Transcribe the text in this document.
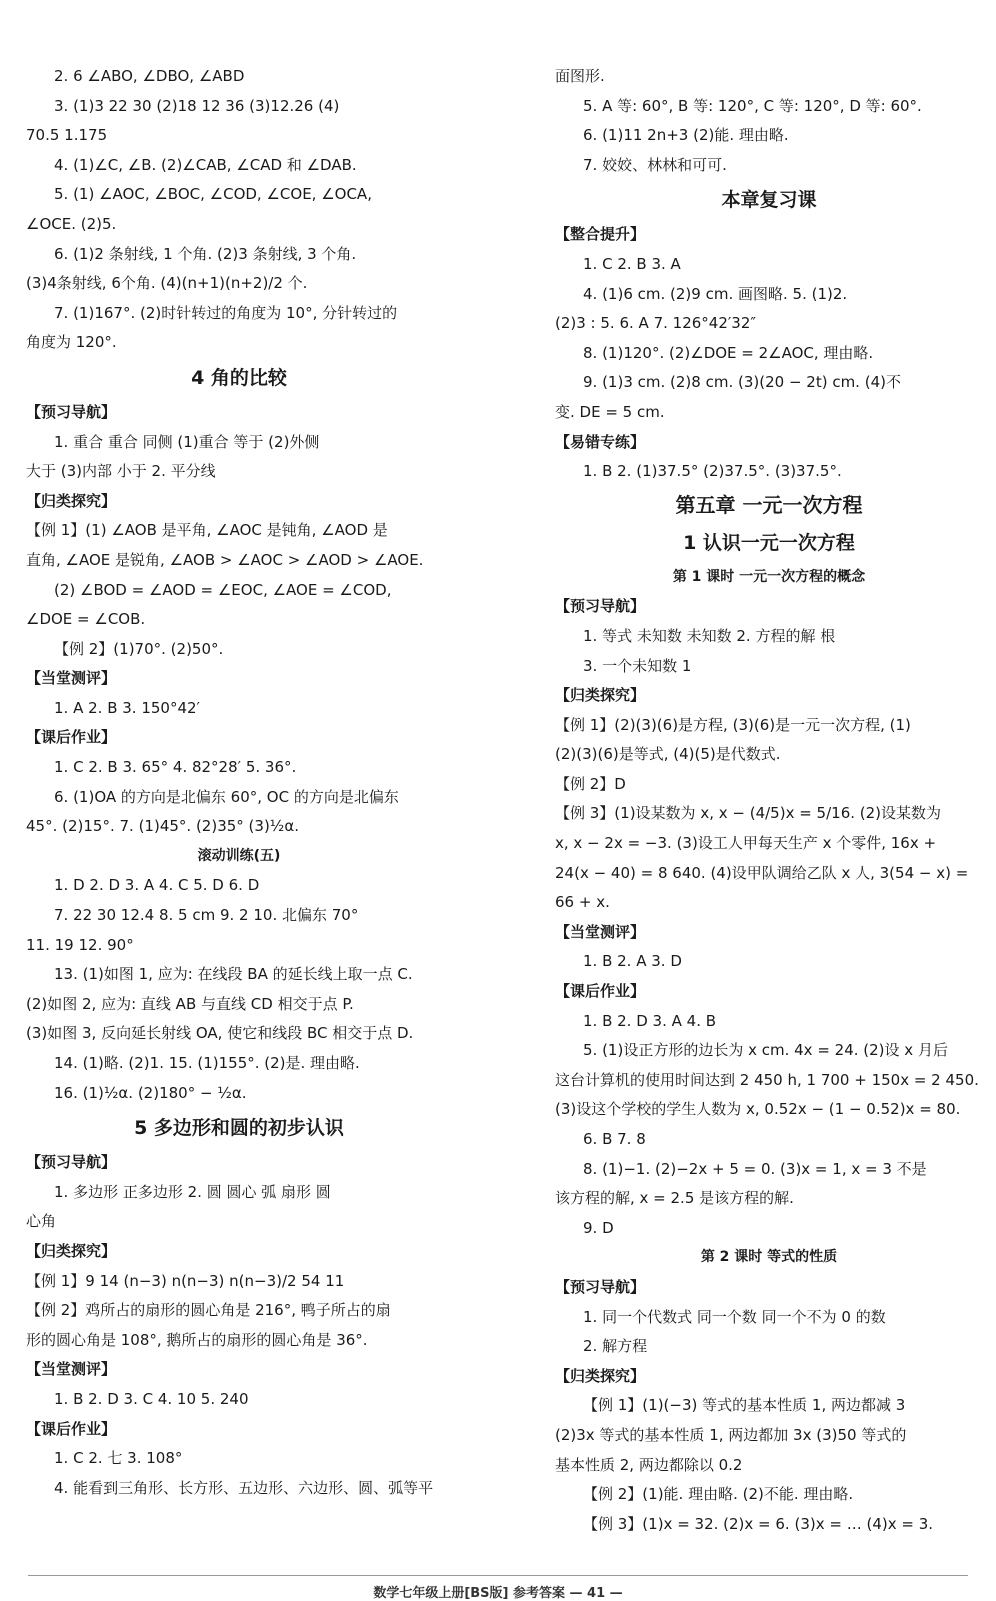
2. 6 ∠ABO, ∠DBO, ∠ABD
3. (1)3 22 30 (2)18 12 36 (3)12.26 (4)
70.5 1.175
4. (1)∠C, ∠B. (2)∠CAB, ∠CAD 和 ∠DAB.
5. (1) ∠AOC, ∠BOC, ∠COD, ∠COE, ∠OCA,
∠OCE. (2)5.
6. (1)2 条射线, 1 个角. (2)3 条射线, 3 个角.
(3)4条射线, 6个角. (4)(n+1)(n+2)/2 个.
7. (1)167°. (2)时针转过的角度为 10°, 分针转过的
角度为 120°.
4 角的比较
【预习导航】
1. 重合 重合 同侧 (1)重合 等于 (2)外侧
大于 (3)内部 小于 2. 平分线
【归类探究】
【例 1】(1) ∠AOB 是平角, ∠AOC 是钝角, ∠AOD 是
直角, ∠AOE 是锐角, ∠AOB > ∠AOC > ∠AOD > ∠AOE.
(2) ∠BOD = ∠AOD = ∠EOC, ∠AOE = ∠COD,
∠DOE = ∠COB.
【例 2】(1)70°. (2)50°.
【当堂测评】
1. A 2. B 3. 150°42′
【课后作业】
1. C 2. B 3. 65° 4. 82°28′ 5. 36°.
6. (1)OA 的方向是北偏东 60°, OC 的方向是北偏东
45°. (2)15°. 7. (1)45°. (2)35° (3)½α.
滚动训练(五)
1. D 2. D 3. A 4. C 5. D 6. D
7. 22 30 12.4 8. 5 cm 9. 2 10. 北偏东 70°
11. 19 12. 90°
13. (1)如图 1, 应为: 在线段 BA 的延长线上取一点 C.
(2)如图 2, 应为: 直线 AB 与直线 CD 相交于点 P.
(3)如图 3, 反向延长射线 OA, 使它和线段 BC 相交于点 D.
14. (1)略. (2)1. 15. (1)155°. (2)是. 理由略.
16. (1)½α. (2)180° − ½α.
5 多边形和圆的初步认识
【预习导航】
1. 多边形 正多边形 2. 圆 圆心 弧 扇形 圆
心角
【归类探究】
【例 1】9 14 (n−3) n(n−3) n(n−3)/2 54 11
【例 2】鸡所占的扇形的圆心角是 216°, 鸭子所占的扇
形的圆心角是 108°, 鹅所占的扇形的圆心角是 36°.
【当堂测评】
1. B 2. D 3. C 4. 10 5. 240
【课后作业】
1. C 2. 七 3. 108°
4. 能看到三角形、长方形、五边形、六边形、圆、弧等平
面图形.
5. A 等: 60°, B 等: 120°, C 等: 120°, D 等: 60°.
6. (1)11 2n+3 (2)能. 理由略.
7. 姣姣、林林和可可.
本章复习课
【整合提升】
1. C 2. B 3. A
4. (1)6 cm. (2)9 cm. 画图略. 5. (1)2.
(2)3 : 5. 6. A 7. 126°42′32″
8. (1)120°. (2)∠DOE = 2∠AOC, 理由略.
9. (1)3 cm. (2)8 cm. (3)(20 − 2t) cm. (4)不
变. DE = 5 cm.
【易错专练】
1. B 2. (1)37.5° (2)37.5°. (3)37.5°.
第五章 一元一次方程
1 认识一元一次方程
第 1 课时 一元一次方程的概念
【预习导航】
1. 等式 未知数 未知数 2. 方程的解 根
3. 一个未知数 1
【归类探究】
【例 1】(2)(3)(6)是方程, (3)(6)是一元一次方程, (1)
(2)(3)(6)是等式, (4)(5)是代数式.
【例 2】D
【例 3】(1)设某数为 x, x − (4/5)x = 5/16. (2)设某数为
x, x − 2x = −3. (3)设工人甲每天生产 x 个零件, 16x +
24(x − 40) = 8 640. (4)设甲队调给乙队 x 人, 3(54 − x) =
66 + x.
【当堂测评】
1. B 2. A 3. D
【课后作业】
1. B 2. D 3. A 4. B
5. (1)设正方形的边长为 x cm. 4x = 24. (2)设 x 月后
这台计算机的使用时间达到 2 450 h, 1 700 + 150x = 2 450.
(3)设这个学校的学生人数为 x, 0.52x − (1 − 0.52)x = 80.
6. B 7. 8
8. (1)−1. (2)−2x + 5 = 0. (3)x = 1, x = 3 不是
该方程的解, x = 2.5 是该方程的解.
9. D
第 2 课时 等式的性质
【预习导航】
1. 同一个代数式 同一个数 同一个不为 0 的数
2. 解方程
【归类探究】
【例 1】(1)(−3) 等式的基本性质 1, 两边都减 3
(2)3x 等式的基本性质 1, 两边都加 3x (3)50 等式的
基本性质 2, 两边都除以 0.2
【例 2】(1)能. 理由略. (2)不能. 理由略.
【例 3】(1)x = 32. (2)x = 6. (3)x = … (4)x = 3.
数学七年级上册[BS版] 参考答案 — 41 —
